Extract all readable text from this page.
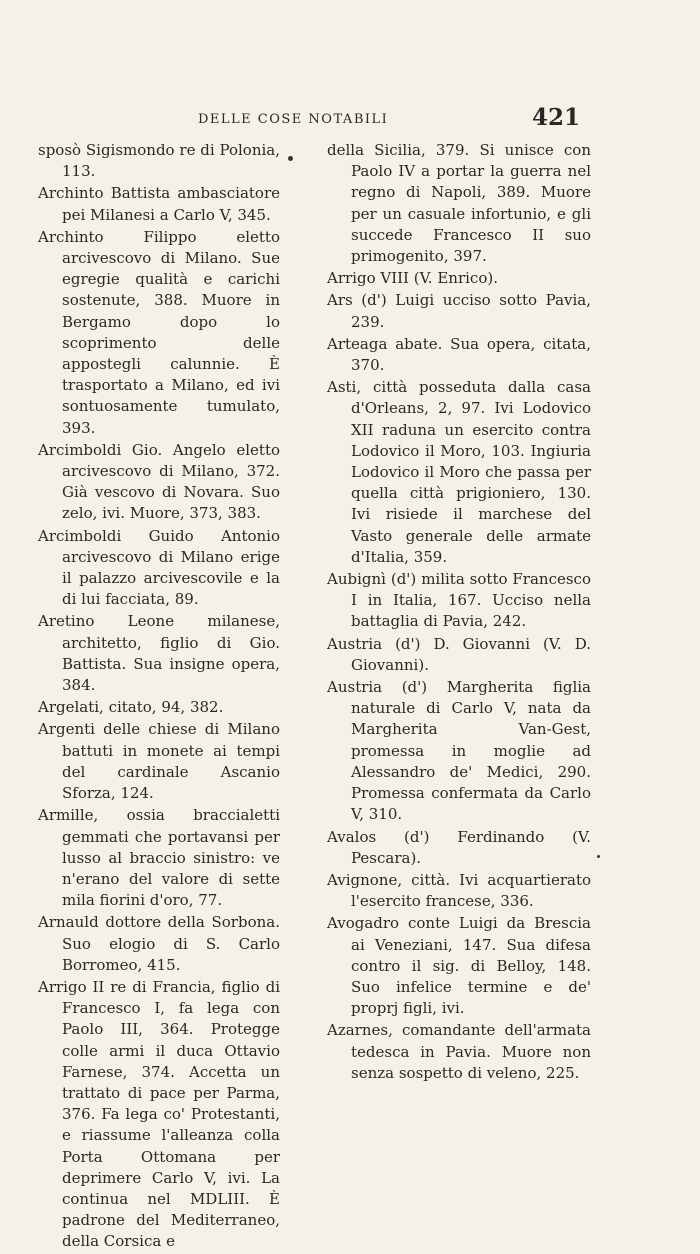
DELLE COSE NOTABILI	421

sposò Sigismondo re di Polonia, 113.

Archinto Battista ambasciatore pei Milanesi a Carlo V, 345.

Archinto Filippo eletto arcivescovo di Milano. Sue egregie qualità e carichi sostenute, 388. Muore in Bergamo dopo lo scoprimento delle appostegli calunnie. È trasportato a Milano, ed ivi sontuosamente tumulato, 393.

Arcimboldi Gio. Angelo eletto arcivescovo di Milano, 372. Già vescovo di Novara. Suo zelo, ivi. Muore, 373, 383.

Arcimboldi Guido Antonio arcivescovo di Milano erige il palazzo arcivescovile e la di lui facciata, 89.

Aretino Leone milanese, architetto, figlio di Gio. Battista. Sua insigne opera, 384.

Argelati, citato, 94, 382.

Argenti delle chiese di Milano battuti in monete ai tempi del cardinale Ascanio Sforza, 124.

Armille, ossia braccialetti gemmati che portavansi per lusso al braccio sinistro: ve n'erano del valore di sette mila fiorini d'oro, 77.

Arnauld dottore della Sorbona. Suo elogio di S. Carlo Borromeo, 415.

Arrigo II re di Francia, figlio di Francesco I, fa lega con Paolo III, 364. Protegge colle armi il duca Ottavio Farnese, 374. Accetta un trattato di pace per Parma, 376. Fa lega co' Protestanti, e riassume l'alleanza colla Porta Ottomana per deprimere Carlo V, ivi. La continua nel MDLIII. È padrone del Mediterraneo, della Corsica e

della Sicilia, 379. Si unisce con Paolo IV a portar la guerra nel regno di Napoli, 389. Muore per un casuale infortunio, e gli succede Francesco II suo primogenito, 397.

Arrigo VIII (V. Enrico).

Ars (d') Luigi ucciso sotto Pavia, 239.

Arteaga abate. Sua opera, citata, 370.

Asti, città posseduta dalla casa d'Orleans, 2, 97. Ivi Lodovico XII raduna un esercito contra Lodovico il Moro, 103. Ingiuria Lodovico il Moro che passa per quella città prigioniero, 130. Ivi risiede il marchese del Vasto generale delle armate d'Italia, 359.

Aubignì (d') milita sotto Francesco I in Italia, 167. Ucciso nella battaglia di Pavia, 242.

Austria (d') D. Giovanni (V. D. Giovanni).

Austria (d') Margherita figlia naturale di Carlo V, nata da Margherita Van-Gest, promessa in moglie ad Alessandro de' Medici, 290. Promessa confermata da Carlo V, 310.

Avalos (d') Ferdinando (V. Pescara).

Avignone, città. Ivi acquartierato l'esercito francese, 336.

Avogadro conte Luigi da Brescia ai Veneziani, 147. Sua difesa contro il sig. di Belloy, 148. Suo infelice termine e de' proprj figli, ivi.

Azarnes, comandante dell'armata tedesca in Pavia. Muore non senza sospetto di veleno, 225.
